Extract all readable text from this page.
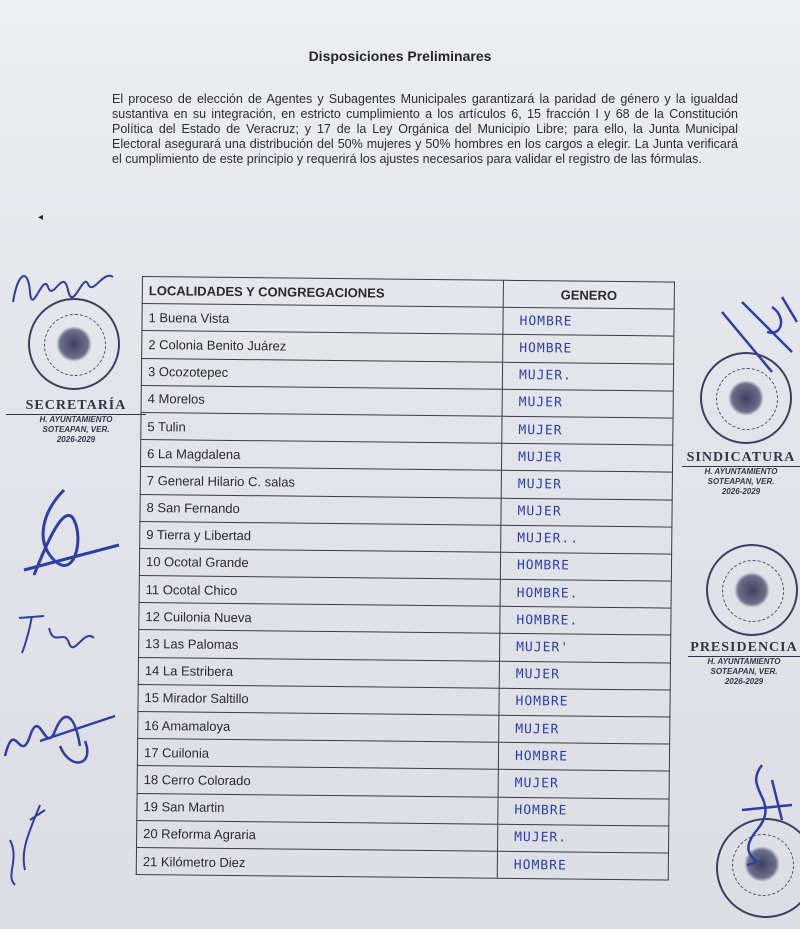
Disposiciones Preliminares
El proceso de elección de Agentes y Subagentes Municipales garantizará la paridad de género y la igualdad sustantiva en su integración, en estricto cumplimiento a los artículos 6, 15 fracción I y 68 de la Constitución Política del Estado de Veracruz; y 17 de la Ley Orgánica del Municipio Libre; para ello, la Junta Municipal Electoral asegurará una distribución del 50% mujeres y 50% hombres en los cargos a elegir. La Junta verificará el cumplimiento de este principio y requerirá los ajustes necesarios para validar el registro de las fórmulas.
◂
LOCALIDADES Y CONGREGACIONES	GENERO
1 Buena Vista	HOMBRE
2 Colonia Benito Juárez	HOMBRE
3 Ocozotepec	MUJER.
4 Morelos	MUJER
5 Tulin	MUJER
6 La Magdalena	MUJER
7 General Hilario C. salas	MUJER
8 San Fernando	MUJER
9 Tierra y Libertad	MUJER..
10 Ocotal Grande	HOMBRE
11 Ocotal Chico	HOMBRE.
12 Cuilonia Nueva	HOMBRE.
13 Las Palomas	MUJER'
14 La Estribera	MUJER
15 Mirador Saltillo	HOMBRE
16 Amamaloya	MUJER
17 Cuilonia	HOMBRE
18 Cerro Colorado	MUJER
19 San Martin	HOMBRE
20 Reforma Agraria	MUJER.
21 Kilómetro Diez	HOMBRE
SECRETARÍA
H. AYUNTAMIENTO
SOTEAPAN, VER.
2026-2029
SINDICATURA
H. AYUNTAMIENTO
SOTEAPAN, VER.
2026-2029
PRESIDENCIA
H. AYUNTAMIENTO
SOTEAPAN, VER.
2026-2029
